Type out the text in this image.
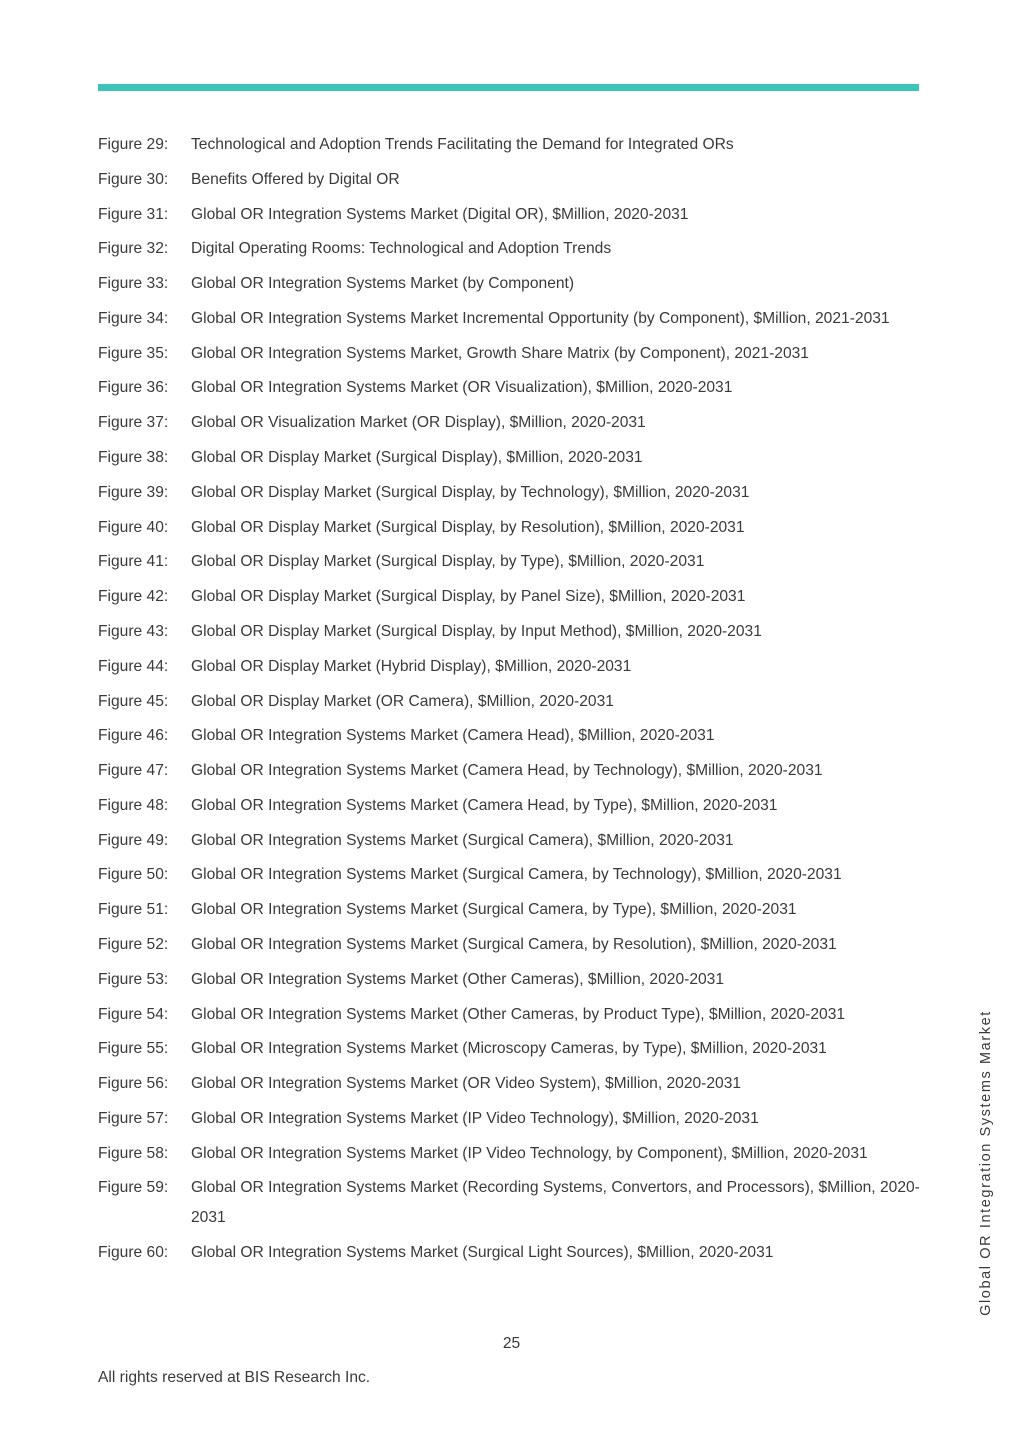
Figure 29:	Technological and Adoption Trends Facilitating the Demand for Integrated ORs
Figure 30:	Benefits Offered by Digital OR
Figure 31:	Global OR Integration Systems Market (Digital OR), $Million, 2020-2031
Figure 32:	Digital Operating Rooms: Technological and Adoption Trends
Figure 33:	Global OR Integration Systems Market (by Component)
Figure 34:	Global OR Integration Systems Market Incremental Opportunity (by Component), $Million, 2021-2031
Figure 35:	Global OR Integration Systems Market, Growth Share Matrix (by Component), 2021-2031
Figure 36:	Global OR Integration Systems Market (OR Visualization), $Million, 2020-2031
Figure 37:	Global OR Visualization Market (OR Display), $Million, 2020-2031
Figure 38:	Global OR Display Market (Surgical Display), $Million, 2020-2031
Figure 39:	Global OR Display Market (Surgical Display, by Technology), $Million, 2020-2031
Figure 40:	Global OR Display Market (Surgical Display, by Resolution), $Million, 2020-2031
Figure 41:	Global OR Display Market (Surgical Display, by Type), $Million, 2020-2031
Figure 42:	Global OR Display Market (Surgical Display, by Panel Size), $Million, 2020-2031
Figure 43:	Global OR Display Market (Surgical Display, by Input Method), $Million, 2020-2031
Figure 44:	Global OR Display Market (Hybrid Display), $Million, 2020-2031
Figure 45:	Global OR Display Market (OR Camera), $Million, 2020-2031
Figure 46:	Global OR Integration Systems Market (Camera Head), $Million, 2020-2031
Figure 47:	Global OR Integration Systems Market (Camera Head, by Technology), $Million, 2020-2031
Figure 48:	Global OR Integration Systems Market (Camera Head, by Type), $Million, 2020-2031
Figure 49:	Global OR Integration Systems Market (Surgical Camera), $Million, 2020-2031
Figure 50:	Global OR Integration Systems Market (Surgical Camera, by Technology), $Million, 2020-2031
Figure 51:	Global OR Integration Systems Market (Surgical Camera, by Type), $Million, 2020-2031
Figure 52:	Global OR Integration Systems Market (Surgical Camera, by Resolution), $Million, 2020-2031
Figure 53:	Global OR Integration Systems Market (Other Cameras), $Million, 2020-2031
Figure 54:	Global OR Integration Systems Market (Other Cameras, by Product Type), $Million, 2020-2031
Figure 55:	Global OR Integration Systems Market (Microscopy Cameras, by Type), $Million, 2020-2031
Figure 56:	Global OR Integration Systems Market (OR Video System), $Million, 2020-2031
Figure 57:	Global OR Integration Systems Market (IP Video Technology), $Million, 2020-2031
Figure 58:	Global OR Integration Systems Market (IP Video Technology, by Component), $Million, 2020-2031
Figure 59:	Global OR Integration Systems Market (Recording Systems, Convertors, and Processors), $Million, 2020-2031
Figure 60:	Global OR Integration Systems Market (Surgical Light Sources), $Million, 2020-2031
25
All rights reserved at BIS Research Inc.
Global OR Integration Systems Market
